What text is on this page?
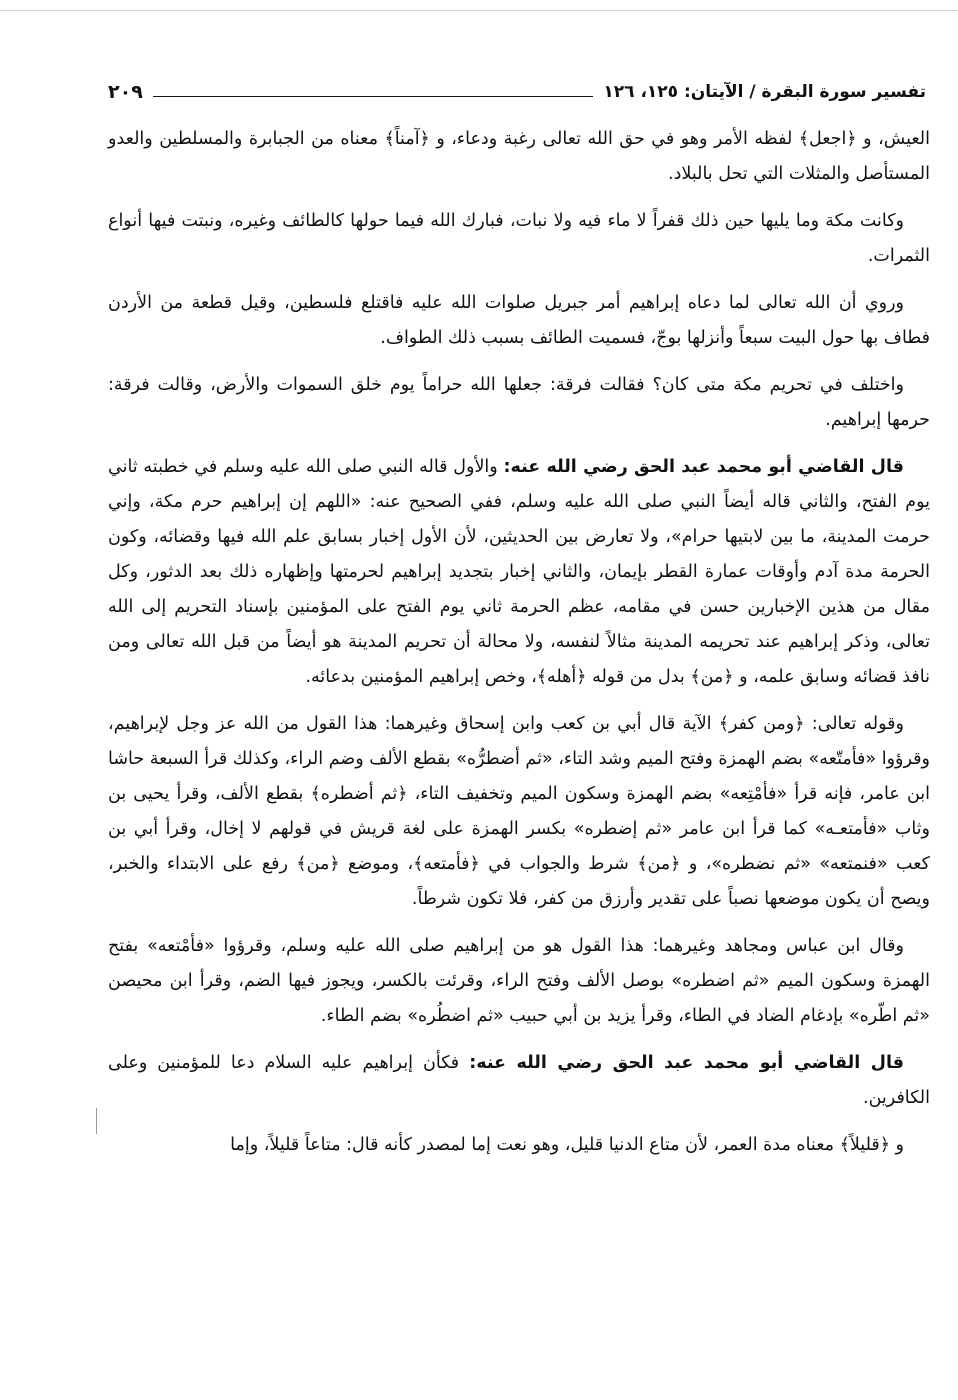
تفسير سورة البقرة / الآيتان: ١٢٥، ١٢٦
٢٠٩

العيش، و ﴿اجعل﴾ لفظه الأمر وهو في حق الله تعالى رغبة ودعاء، و ﴿آمناً﴾ معناه من الجبابرة والمسلطين والعدو المستأصل والمثلات التي تحل بالبلاد.

وكانت مكة وما يليها حين ذلك قفراً لا ماء فيه ولا نبات، فبارك الله فيما حولها كالطائف وغيره، ونبتت فيها أنواع الثمرات.

وروي أن الله تعالى لما دعاه إبراهيم أمر جبريل صلوات الله عليه فاقتلع فلسطين، وقيل قطعة من الأردن فطاف بها حول البيت سبعاً وأنزلها بوجّ، فسميت الطائف بسبب ذلك الطواف.

واختلف في تحريم مكة متى كان؟ فقالت فرقة: جعلها الله حراماً يوم خلق السموات والأرض، وقالت فرقة: حرمها إبراهيم.

قال القاضي أبو محمد عبد الحق رضي الله عنه: والأول قاله النبي صلى الله عليه وسلم في خطبته ثاني يوم الفتح، والثاني قاله أيضاً النبي صلى الله عليه وسلم، ففي الصحيح عنه: «اللهم إن إبراهيم حرم مكة، وإني حرمت المدينة، ما بين لابتيها حرام»، ولا تعارض بين الحديثين، لأن الأول إخبار بسابق علم الله فيها وقضائه، وكون الحرمة مدة آدم وأوقات عمارة القطر بإيمان، والثاني إخبار بتجديد إبراهيم لحرمتها وإظهاره ذلك بعد الدثور، وكل مقال من هذين الإخبارين حسن في مقامه، عظم الحرمة ثاني يوم الفتح على المؤمنين بإسناد التحريم إلى الله تعالى، وذكر إبراهيم عند تحريمه المدينة مثالاً لنفسه، ولا محالة أن تحريم المدينة هو أيضاً من قبل الله تعالى ومن نافذ قضائه وسابق علمه، و ﴿من﴾ بدل من قوله ﴿أهله﴾، وخص إبراهيم المؤمنين بدعائه.

وقوله تعالى: ﴿ومن كفر﴾ الآية قال أبي بن كعب وابن إسحاق وغيرهما: هذا القول من الله عز وجل لإبراهيم، وقرؤوا «فأمتّعه» بضم الهمزة وفتح الميم وشد التاء، «ثم أضطرُّه» بقطع الألف وضم الراء، وكذلك قرأ السبعة حاشا ابن عامر، فإنه قرأ «فأمْتِعه» بضم الهمزة وسكون الميم وتخفيف التاء، ﴿ثم أضطره﴾ بقطع الألف، وقرأ يحيى بن وثاب «فأمتعـه» كما قرأ ابن عامر «ثم إضطره» بكسر الهمزة على لغة قريش في قولهم لا إخال، وقرأ أبي بن كعب «فنمتعه» «ثم نضطره»، و ﴿من﴾ شرط والجواب في ﴿فأمتعه﴾، وموضع ﴿من﴾ رفع على الابتداء والخبر، ويصح أن يكون موضعها نصباً على تقدير وأرزق من كفر، فلا تكون شرطاً.

وقال ابن عباس ومجاهد وغيرهما: هذا القول هو من إبراهيم صلى الله عليه وسلم، وقرؤوا «فأمْتعه» بفتح الهمزة وسكون الميم «ثم اضطره» بوصل الألف وفتح الراء، وقرئت بالكسر، ويجوز فيها الضم، وقرأ ابن محيصن «ثم اطّره» بإدغام الضاد في الطاء، وقرأ يزيد بن أبي حبيب «ثم اضطُره» بضم الطاء.

قال القاضي أبو محمد عبد الحق رضي الله عنه: فكأن إبراهيم عليه السلام دعا للمؤمنين وعلى الكافرين.

و ﴿قليلاً﴾ معناه مدة العمر، لأن متاع الدنيا قليل، وهو نعت إما لمصدر كأنه قال: متاعاً قليلاً، وإما
